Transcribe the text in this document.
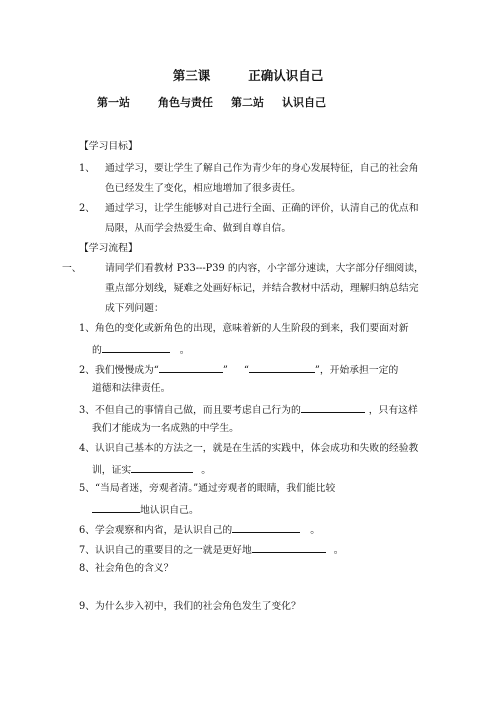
第三课	正确认识自己
第一站	角色与责任 第二站 认识自己
【学习目标】
1、 通过学习，要让学生了解自己作为青少年的身心发展特征，自己的社会角
色已经发生了变化，相应地增加了很多责任。
2、 通过学习，让学生能够对自己进行全面、正确的评价，认清自己的优点和
局限，从而学会热爱生命、做到自尊自信。
【学习流程】
一、 请同学们看教材 P33---P39 的内容，小字部分速读，大字部分仔细阅读，
重点部分划线，疑难之处画好标记，并结合教材中活动，理解归纳总结完
成下列问题：
1、角色的变化或新角色的出现，意味着新的人生阶段的到来，我们要面对新
的	。
2、我们慢慢成为“	” “	”，开始承担一定的
道德和法律责任。
3、不但自己的事情自己做，而且要考虑自己行为的	，只有这样
我们才能成为一名成熟的中学生。
4、认识自己基本的方法之一，就是在生活的实践中，体会成功和失败的经验教
训，证实	。
5、“当局者迷，旁观者清。”通过旁观者的眼睛，我们能比较
地认识自己。
6、学会观察和内省，是认识自己的	。
7、认识自己的重要目的之一就是更好地	。
8、社会角色的含义？
9、为什么步入初中，我们的社会角色发生了变化？
